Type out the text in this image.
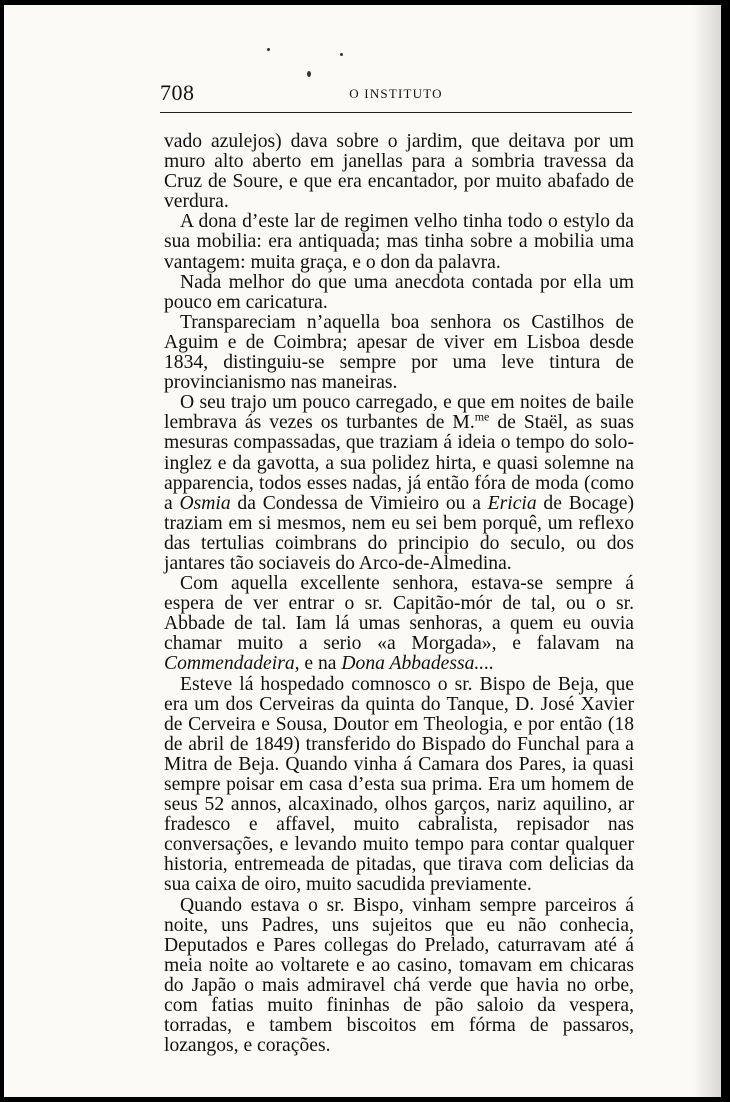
708	O INSTITUTO

vado azulejos) dava sobre o jardim, que deitava por um muro alto aberto em janellas para a sombria travessa da Cruz de Soure, e que era encantador, por muito abafado de verdura.

A dona d’este lar de regimen velho tinha todo o estylo da sua mobilia: era antiquada; mas tinha sobre a mobilia uma vantagem: muita graça, e o don da palavra.

Nada melhor do que uma anecdota contada por ella um pouco em caricatura.

Transpareciam n’aquella boa senhora os Castilhos de Aguim e de Coimbra; apesar de viver em Lisboa desde 1834, distinguiu-se sempre por uma leve tintura de provincianismo nas maneiras.

O seu trajo um pouco carregado, e que em noites de baile lembrava ás vezes os turbantes de M.$^{me}$ de Staël, as suas mesuras compassadas, que traziam á ideia o tempo do solo-inglez e da gavotta, a sua polidez hirta, e quasi solemne na apparencia, todos esses nadas, já então fóra de moda (como a Osmia da Condessa de Vimieiro ou a Ericia de Bocage) traziam em si mesmos, nem eu sei bem porquê, um reflexo das tertulias coimbrans do principio do seculo, ou dos jantares tão sociaveis do Arco-de-Almedina.

Com aquella excellente senhora, estava-se sempre á espera de ver entrar o sr. Capitão-mór de tal, ou o sr. Abbade de tal. Iam lá umas senhoras, a quem eu ouvia chamar muito a serio «a Morgada», e falavam na Commendadeira, e na Dona Abbadessa....

Esteve lá hospedado comnosco o sr. Bispo de Beja, que era um dos Cerveiras da quinta do Tanque, D. José Xavier de Cerveira e Sousa, Doutor em Theologia, e por então (18 de abril de 1849) transferido do Bispado do Funchal para a Mitra de Beja. Quando vinha á Camara dos Pares, ia quasi sempre poisar em casa d’esta sua prima. Era um homem de seus 52 annos, alcaxinado, olhos garços, nariz aquilino, ar fradesco e affavel, muito cabralista, repisador nas conversações, e levando muito tempo para contar qualquer historia, entremeada de pitadas, que tirava com delicias da sua caixa de oiro, muito sacudida previamente.

Quando estava o sr. Bispo, vinham sempre parceiros á noite, uns Padres, uns sujeitos que eu não conhecia, Deputados e Pares collegas do Prelado, caturravam até á meia noite ao voltarete e ao casino, tomavam em chicaras do Japão o mais admiravel chá verde que havia no orbe, com fatias muito fininhas de pão saloio da vespera, torradas, e tambem biscoitos em fórma de passaros, lozangos, e corações.
